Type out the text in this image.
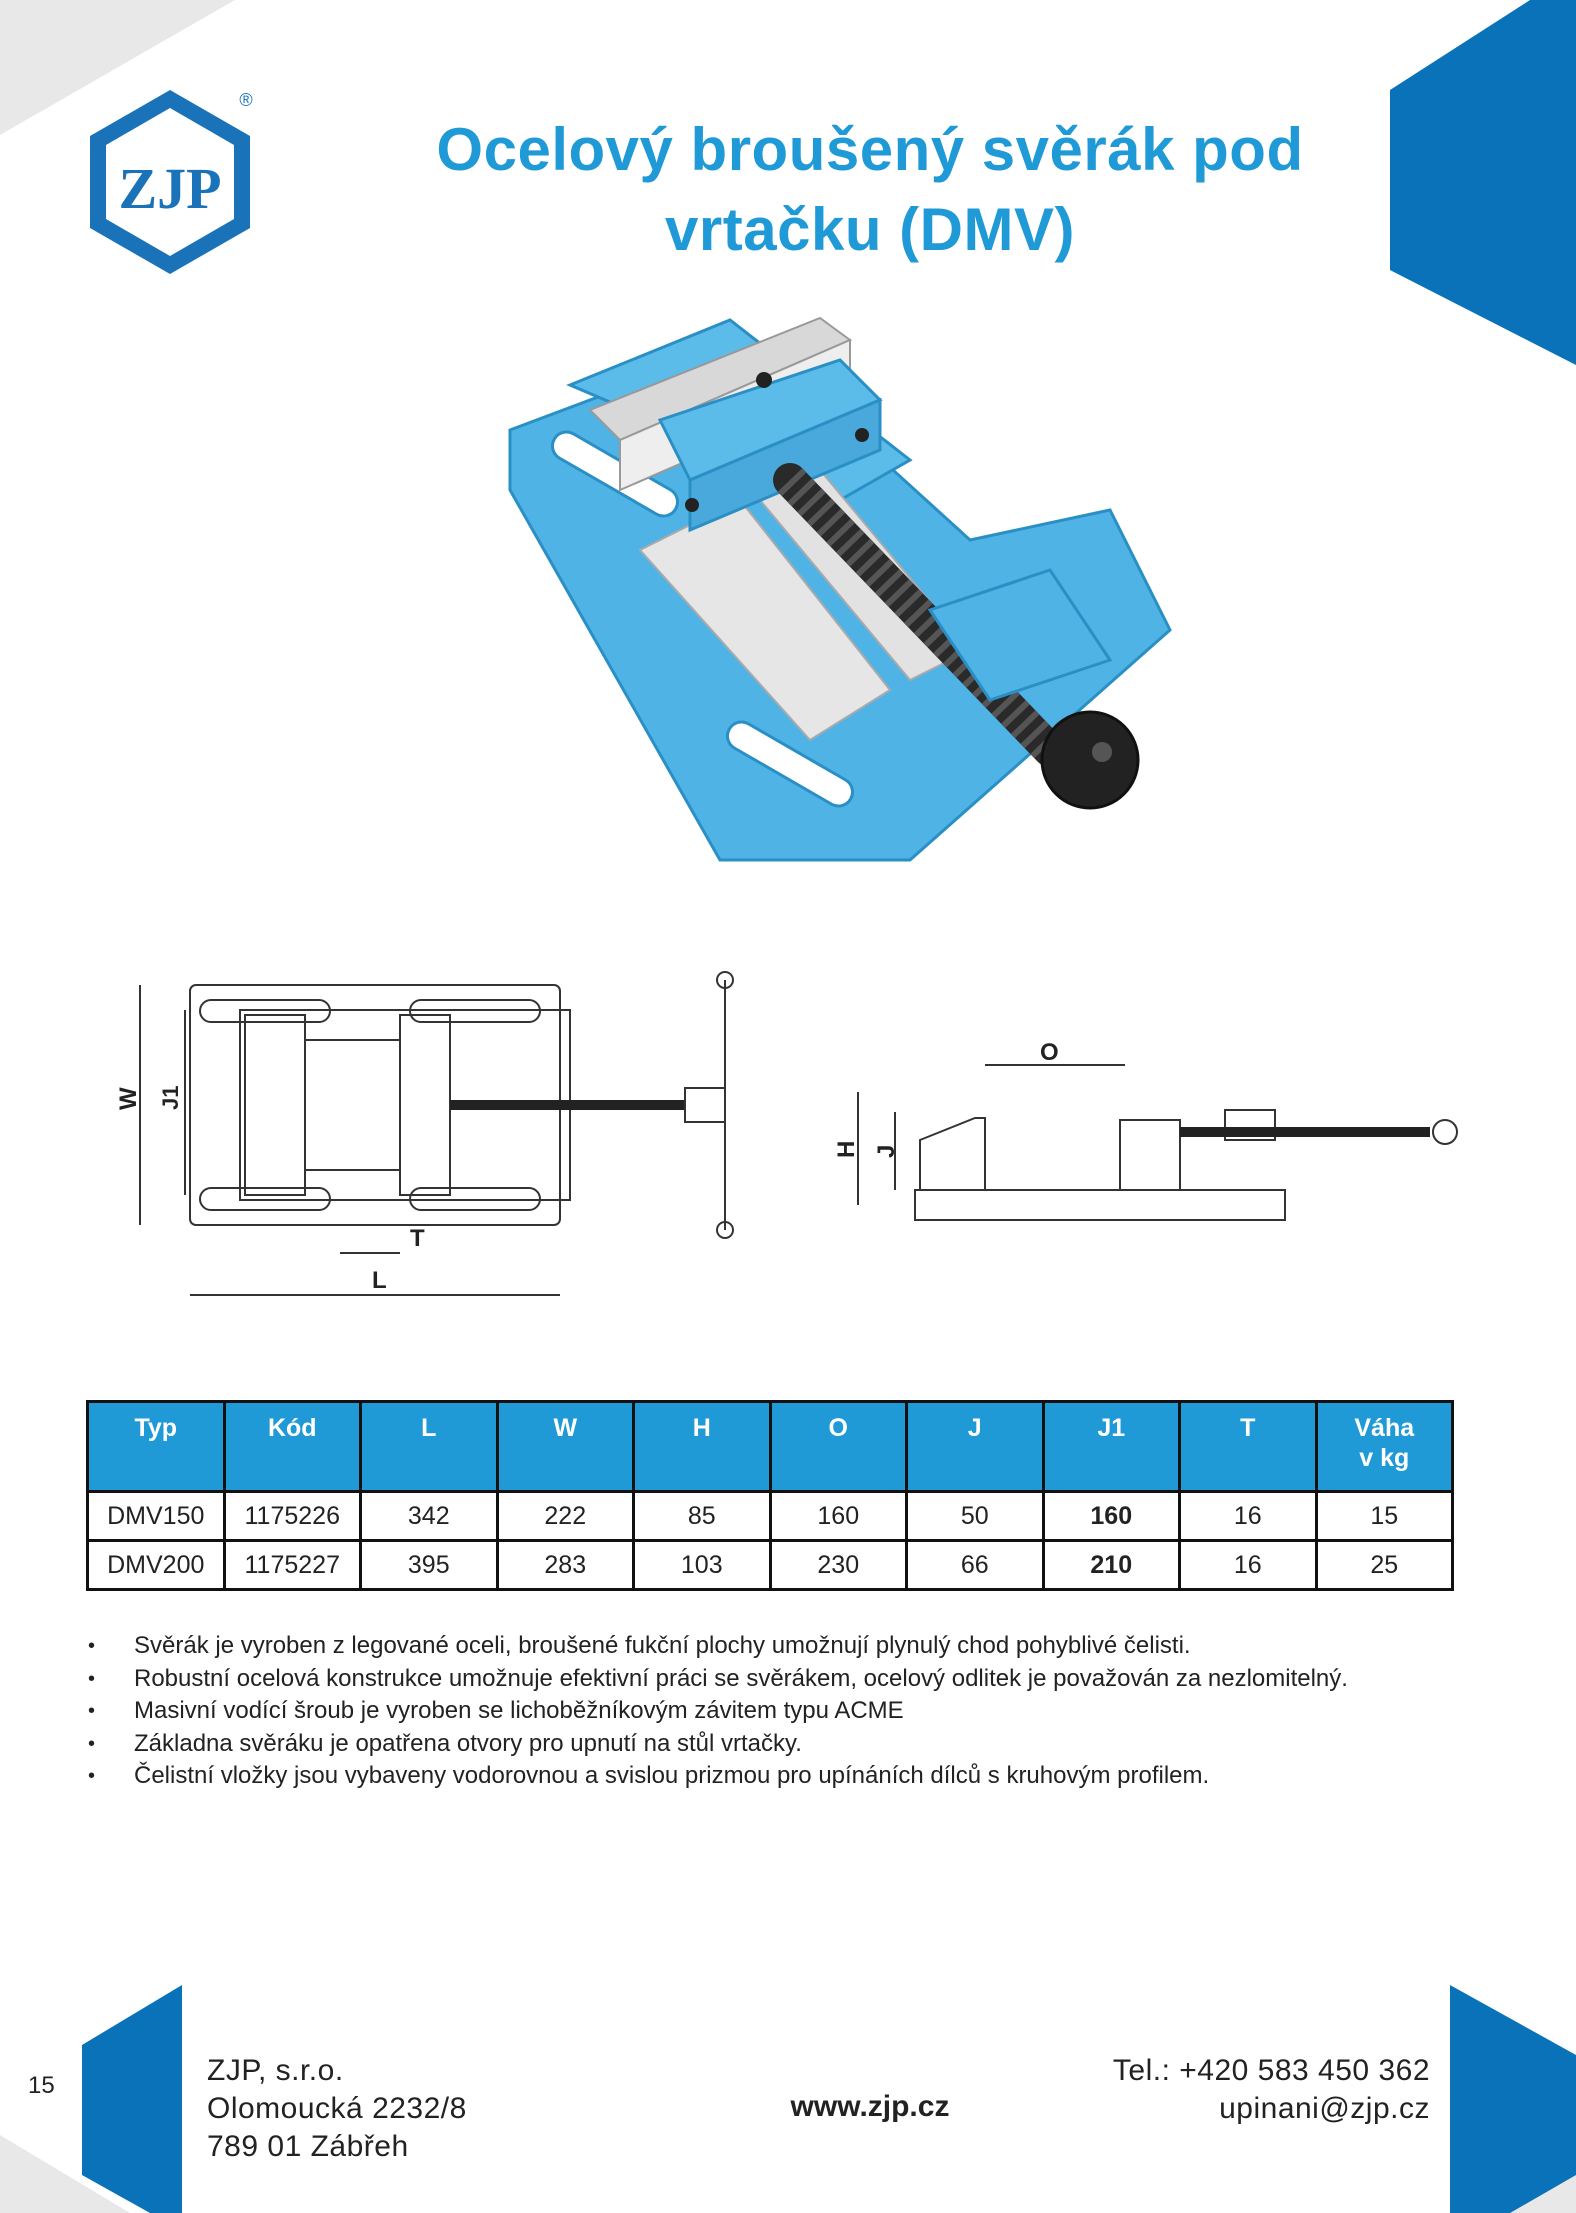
ZJP
®
Ocelový broušený svěrák pod
vrtačku (DMV)
W J1
T
L
O
H J
Typ	Kód	L	W	H	O	J	J1	T	Váha
v kg
DMV150	1175226	342	222	85	160	50	160	16	15
DMV200	1175227	395	283	103	230	66	210	16	25
• Svěrák je vyroben z legované oceli, broušené fukční plochy umožnují plynulý chod pohyblivé čelisti.
• Robustní ocelová konstrukce umožnuje efektivní práci se svěrákem, ocelový odlitek je považován za nezlomitelný.
• Masivní vodící šroub je vyroben se lichoběžníkovým závitem typu ACME
• Základna svěráku je opatřena otvory pro upnutí na stůl vrtačky.
• Čelistní vložky jsou vybaveny vodorovnou a svislou prizmou pro upínáních dílců s kruhovým profilem.
15	ZJP, s.r.o.
Olomoucká 2232/8
789 01 Zábřeh
www.zjp.cz
Tel.: +420 583 450 362
upinani@zjp.cz
